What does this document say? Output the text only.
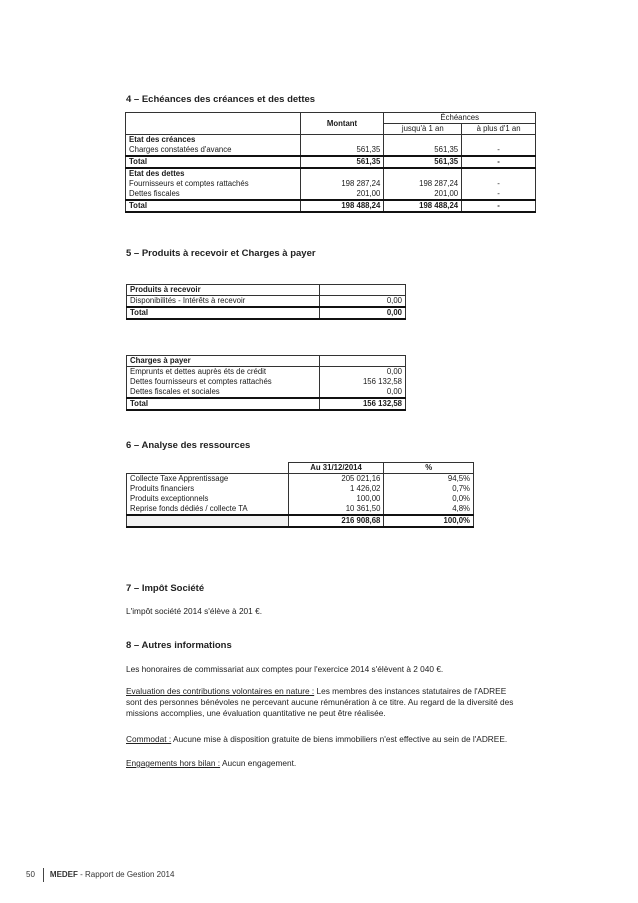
4 – Echéances des créances et des dettes
	Montant	Échéances	
		jusqu'à 1 an	à plus d'1 an
Etat des créances			
Charges constatées d'avance	561,35	561,35	-
Total	561,35	561,35	-
Etat des dettes			
Fournisseurs et comptes rattachés	198 287,24	198 287,24	-
Dettes fiscales	201,00	201,00	-
Total	198 488,24	198 488,24	-
5 – Produits à recevoir et Charges à payer
Produits à recevoir	
Disponibilités - Intérêts à recevoir	0,00
Total	0,00
Charges à payer	
Emprunts et dettes auprès éts de crédit	0,00
Dettes fournisseurs et comptes rattachés	156 132,58
Dettes fiscales et sociales	0,00
Total	156 132,58
6 – Analyse des ressources
	Au 31/12/2014	%
Collecte Taxe Apprentissage	205 021,16	94,5%
Produits financiers	1 426,02	0,7%
Produits exceptionnels	100,00	0,0%
Reprise fonds dédiés / collecte TA	10 361,50	4,8%
	216 908,68	100,0%
7 – Impôt Société
L'impôt société 2014 s'élève à 201 €.
8 – Autres informations
Les honoraires de commissariat aux comptes pour l'exercice 2014 s'élèvent à 2 040 €.
Evaluation des contributions volontaires en nature : Les membres des instances statutaires de l'ADREE
sont des personnes bénévoles ne percevant aucune rémunération à ce titre. Au regard de la diversité des
missions accomplies, une évaluation quantitative ne peut être réalisée.
Commodat : Aucune mise à disposition gratuite de biens immobiliers n'est effective au sein de l'ADREE.
Engagements hors bilan : Aucun engagement.
50 MEDEF - Rapport de Gestion 2014
